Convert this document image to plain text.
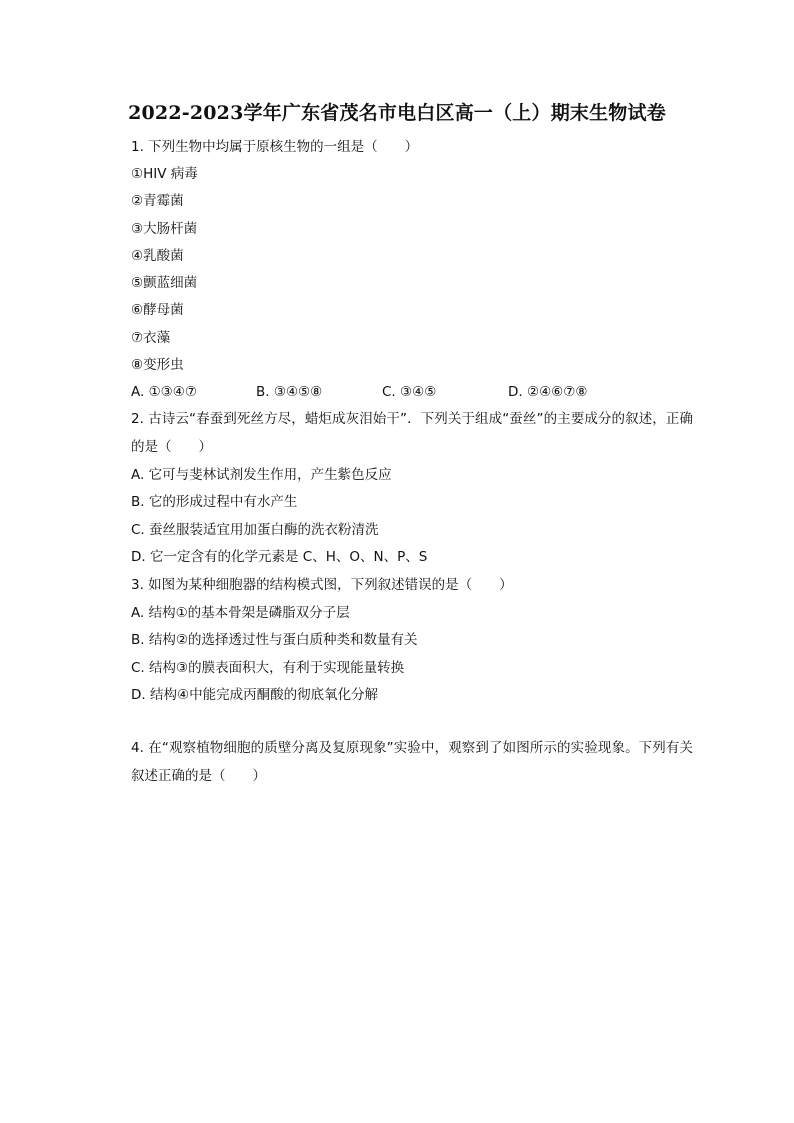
2022-2023学年广东省茂名市电白区高一（上）期末生物试卷
1. 下列生物中均属于原核生物的一组是（　　）
①HIV 病毒
②青霉菌
③大肠杆菌
④乳酸菌
⑤颤蓝细菌
⑥酵母菌
⑦衣藻
⑧变形虫
A. ①③④⑦	B. ③④⑤⑧	C. ③④⑤	D. ②④⑥⑦⑧
2. 古诗云“春蚕到死丝方尽，蜡炬成灰泪始干”．下列关于组成“蚕丝”的主要成分的叙述，正确的是（　　）
A. 它可与斐林试剂发生作用，产生紫色反应
B. 它的形成过程中有水产生
C. 蚕丝服装适宜用加蛋白酶的洗衣粉清洗
D. 它一定含有的化学元素是 C、H、O、N、P、S
3. 如图为某种细胞器的结构模式图，下列叙述错误的是（　　）
A. 结构①的基本骨架是磷脂双分子层
B. 结构②的选择透过性与蛋白质种类和数量有关
C. 结构③的膜表面积大，有利于实现能量转换
D. 结构④中能完成丙酮酸的彻底氧化分解
4. 在“观察植物细胞的质壁分离及复原现象”实验中，观察到了如图所示的实验现象。下列有关叙述正确的是（　　）
